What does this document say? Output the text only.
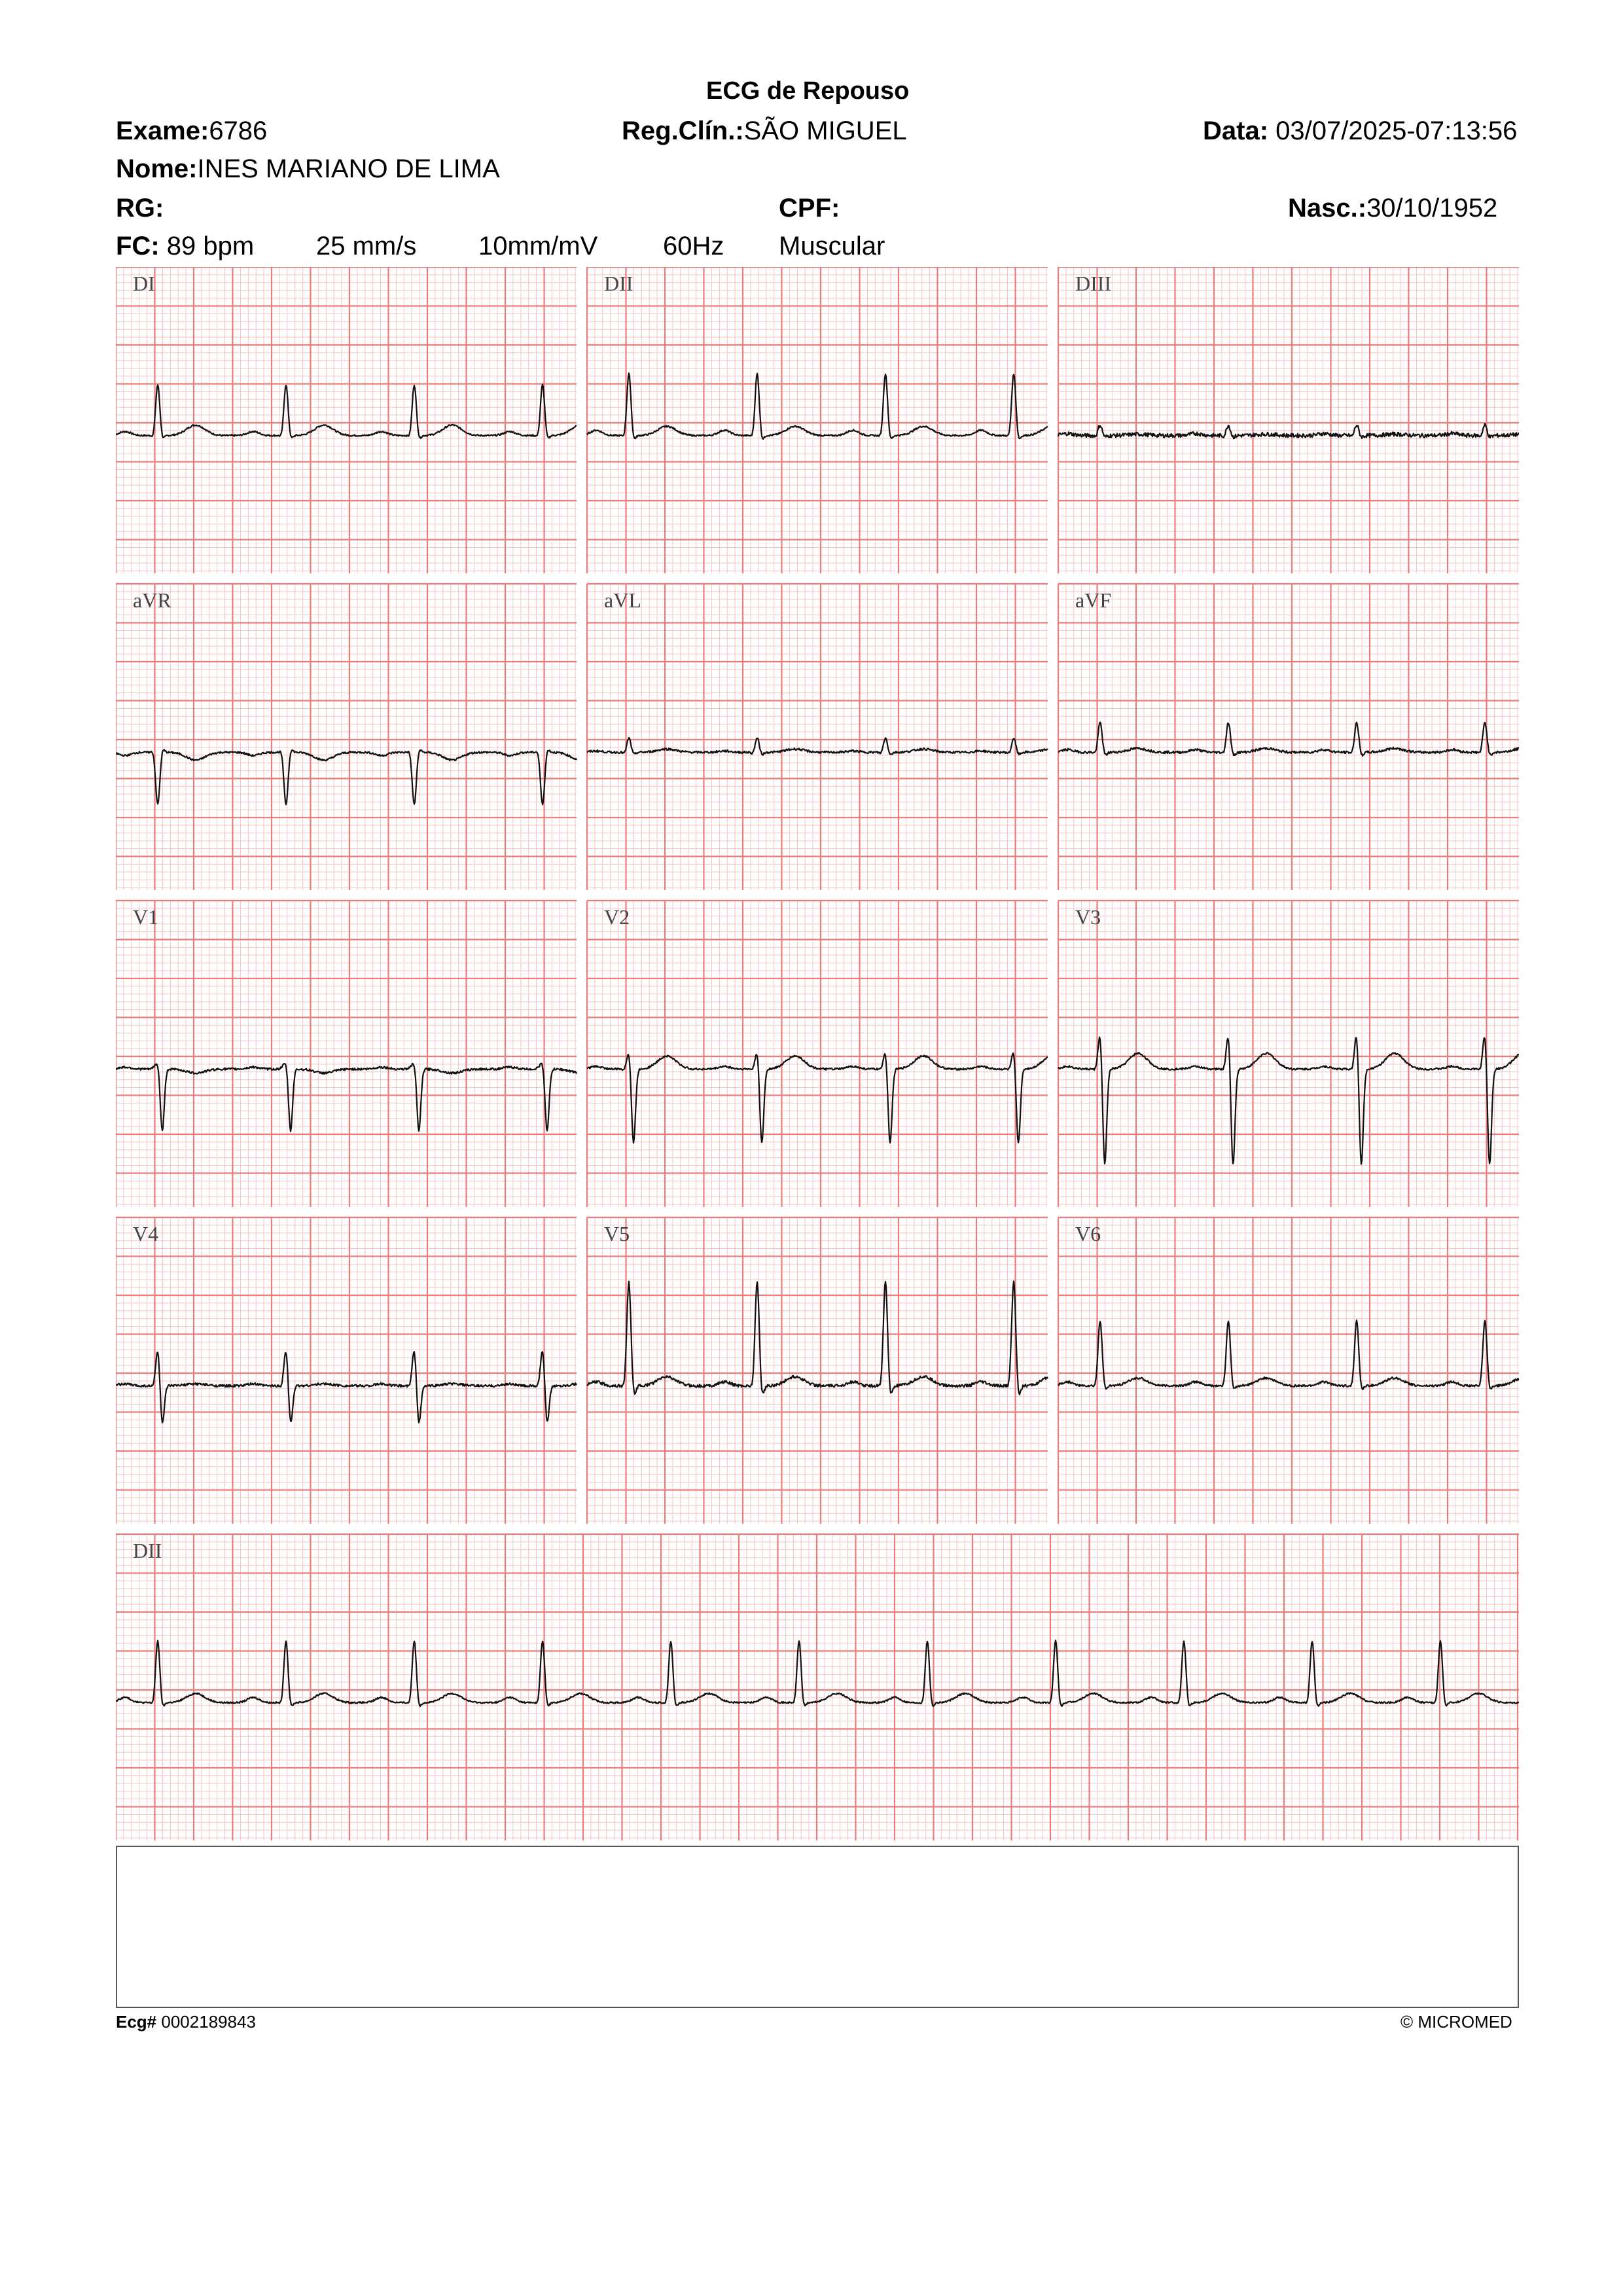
ECG de Repouso
Exame:6786	Reg.Clín.:SÃO MIGUEL	Data: 03/07/2025-07:13:56
Nome:INES MARIANO DE LIMA
RG:	CPF:	Nasc.:30/10/1952
FC: 89 bpm 25 mm/s 10mm/mV 60Hz Muscular
DI	DII	DIII
aVR	aVL	aVF
V1	V2	V3
V4	V5	V6
DII
Ecg# 0002189843	© MICROMED
